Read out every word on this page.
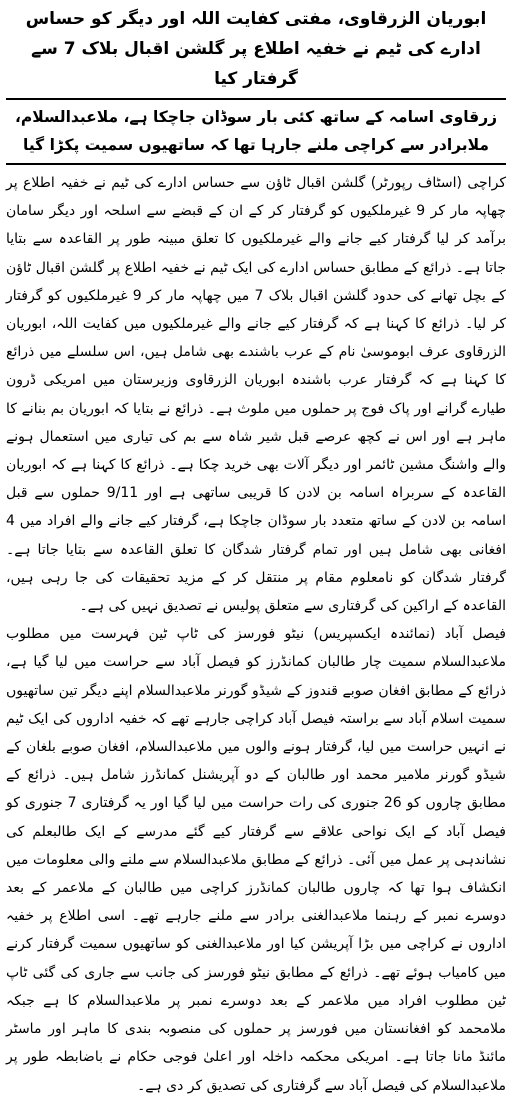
ابوریان الزرقاوی، مفتی کفایت اللہ اور دیگر کو حساس ادارے کی ٹیم نے خفیہ اطلاع پر گلشن اقبال بلاک 7 سے گرفتار کیا
زرقاوی اسامہ کے ساتھ کئی بار سوڈان جاچکا ہے، ملاعبدالسلام، ملابرادر سے کراچی ملنے جارہا تھا کہ ساتھیوں سمیت پکڑا گیا

کراچی (اسٹاف رپورٹر) گلشن اقبال ٹاؤن سے حساس ادارے کی ٹیم نے خفیہ اطلاع پر چھاپہ مار کر 9 غیرملکیوں کو گرفتار کر کے ان کے قبضے سے اسلحہ اور دیگر سامان برآمد کر لیا گرفتار کیے جانے والے غیرملکیوں کا تعلق مبینہ طور پر القاعدہ سے بتایا جاتا ہے۔ ذرائع کے مطابق حساس ادارے کی ایک ٹیم نے خفیہ اطلاع پر گلشن اقبال ٹاؤن کے بچل تھانے کی حدود گلشن اقبال بلاک 7 میں چھاپہ مار کر 9 غیرملکیوں کو گرفتار کر لیا۔ ذرائع کا کہنا ہے کہ گرفتار کیے جانے والے غیرملکیوں میں کفایت اللہ، ابوریان الزرقاوی عرف ابوموسیٰ نام کے عرب باشندے بھی شامل ہیں، اس سلسلے میں ذرائع کا کہنا ہے کہ گرفتار عرب باشندہ ابوریان الزرقاوی وزیرستان میں امریکی ڈرون طیارے گرانے اور پاک فوج پر حملوں میں ملوث ہے۔ ذرائع نے بتایا کہ ابوریان بم بنانے کا ماہر ہے اور اس نے کچھ عرصے قبل شیر شاہ سے بم کی تیاری میں استعمال ہونے والے واشنگ مشین ٹائمر اور دیگر آلات بھی خرید چکا ہے۔ ذرائع کا کہنا ہے کہ ابوریان القاعدہ کے سربراہ اسامہ بن لادن کا قریبی ساتھی ہے اور 9/11 حملوں سے قبل اسامہ بن لادن کے ساتھ متعدد بار سوڈان جاچکا ہے، گرفتار کیے جانے والے افراد میں 4 افغانی بھی شامل ہیں اور تمام گرفتار شدگان کا تعلق القاعدہ سے بتایا جاتا ہے۔ گرفتار شدگان کو نامعلوم مقام پر منتقل کر کے مزید تحقیقات کی جا رہی ہیں، القاعدہ کے اراکین کی گرفتاری سے متعلق پولیس نے تصدیق نہیں کی ہے۔

فیصل آباد (نمائندہ ایکسپریس) نیٹو فورسز کی ٹاپ ٹین فہرست میں مطلوب ملاعبدالسلام سمیت چار طالبان کمانڈرز کو فیصل آباد سے حراست میں لیا گیا ہے، ذرائع کے مطابق افغان صوبے قندوز کے شیڈو گورنر ملاعبدالسلام اپنے دیگر تین ساتھیوں سمیت اسلام آباد سے براستہ فیصل آباد کراچی جارہے تھے کہ خفیہ اداروں کی ایک ٹیم نے انہیں حراست میں لیا، گرفتار ہونے والوں میں ملاعبدالسلام، افغان صوبے بلغان کے شیڈو گورنر ملامیر محمد اور طالبان کے دو آپریشنل کمانڈرز شامل ہیں۔ ذرائع کے مطابق چاروں کو 26 جنوری کی رات حراست میں لیا گیا اور یہ گرفتاری 7 جنوری کو فیصل آباد کے ایک نواحی علاقے سے گرفتار کیے گئے مدرسے کے ایک طالبعلم کی نشاندہی پر عمل میں آئی۔ ذرائع کے مطابق ملاعبدالسلام سے ملنے والی معلومات میں انکشاف ہوا تھا کہ چاروں طالبان کمانڈرز کراچی میں طالبان کے ملاعمر کے بعد دوسرے نمبر کے رہنما ملاعبدالغنی برادر سے ملنے جارہے تھے۔ اسی اطلاع پر خفیہ اداروں نے کراچی میں بڑا آپریشن کیا اور ملاعبدالغنی کو ساتھیوں سمیت گرفتار کرنے میں کامیاب ہوئے تھے۔ ذرائع کے مطابق نیٹو فورسز کی جانب سے جاری کی گئی ٹاپ ٹین مطلوب افراد میں ملاعمر کے بعد دوسرے نمبر پر ملاعبدالسلام کا ہے جبکہ ملامحمد کو افغانستان میں فورسز پر حملوں کی منصوبہ بندی کا ماہر اور ماسٹر مائنڈ مانا جاتا ہے۔ امریکی محکمہ داخلہ اور اعلیٰ فوجی حکام نے باضابطہ طور پر ملاعبدالسلام کی فیصل آباد سے گرفتاری کی تصدیق کر دی ہے۔
